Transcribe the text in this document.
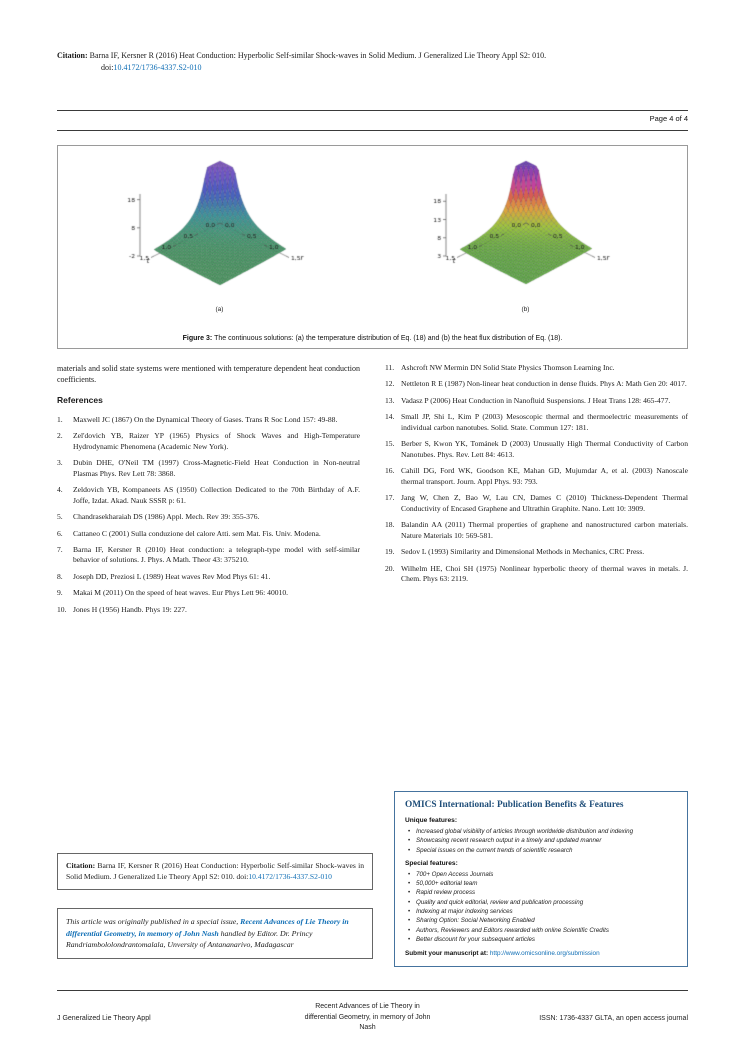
Citation: Barna IF, Kersner R (2016) Heat Conduction: Hyperbolic Self-similar Shock-waves in Solid Medium. J Generalized Lie Theory Appl S2: 010.
doi:10.4172/1736-4337.S2-010
Page 4 of 4
(a)	(b)
Figure 3: The continuous solutions: (a) the temperature distribution of Eq. (18) and (b) the heat flux distribution of Eq. (18).

materials and solid state systems were mentioned with temperature dependent heat conduction coefficients.

References
1.	Maxwell JC (1867) On the Dynamical Theory of Gases. Trans R Soc Lond 157: 49-88.
2.	Zel'dovich YB, Raizer YP (1965) Physics of Shock Waves and High-Temperature Hydrodynamic Phenomena (Academic New York).
3.	Dubin DHE, O'Neil TM (1997) Cross-Magnetic-Field Heat Conduction in Non-neutral Plasmas Phys. Rev Lett 78: 3868.
4.	Zeldovich YB, Kompaneets AS (1950) Collection Dedicated to the 70th Birthday of A.F. Joffe, Izdat. Akad. Nauk SSSR p: 61.
5.	Chandrasekharaiah DS (1986) Appl. Mech. Rev 39: 355-376.
6.	Cattaneo C (2001) Sulla conduzione del calore Atti. sem Mat. Fis. Univ. Modena.
7.	Barna IF, Kersner R (2010) Heat conduction: a telegraph-type model with self-similar behavior of solutions. J. Phys. A Math. Theor 43: 375210.
8.	Joseph DD, Preziosi L (1989) Heat waves Rev Mod Phys 61: 41.
9.	Makai M (2011) On the speed of heat waves. Eur Phys Lett 96: 40010.
10. Jones H (1956) Handb. Phys 19: 227.
11. Ashcroft NW Mermin DN Solid State Physics Thomson Learning Inc.
12. Nettleton R E (1987) Non-linear heat conduction in dense fluids. Phys A: Math Gen 20: 4017.
13. Vadasz P (2006) Heat Conduction in Nanofluid Suspensions. J Heat Trans 128: 465-477.
14. Small JP, Shi L, Kim P (2003) Mesoscopic thermal and thermoelectric measurements of individual carbon nanotubes. Solid. State. Commun 127: 181.
15. Berber S, Kwon YK, Tománek D (2003) Unusually High Thermal Conductivity of Carbon Nanotubes. Phys. Rev. Lett 84: 4613.
16. Cahill DG, Ford WK, Goodson KE, Mahan GD, Mujumdar A, et al. (2003) Nanoscale thermal transport. Journ. Appl Phys. 93: 793.
17. Jang W, Chen Z, Bao W, Lau CN, Dames C (2010) Thickness-Dependent Thermal Conductivity of Encased Graphene and Ultrathin Graphite. Nano. Lett 10: 3909.
18. Balandin AA (2011) Thermal properties of graphene and nanostructured carbon materials. Nature Materials 10: 569-581.
19. Sedov L (1993) Similarity and Dimensional Methods in Mechanics, CRC Press.
20. Wilhelm HE, Choi SH (1975) Nonlinear hyperbolic theory of thermal waves in metals. J. Chem. Phys 63: 2119.
Citation: Barna IF, Kersner R (2016) Heat Conduction: Hyperbolic Self-similar Shock-waves in Solid Medium. J Generalized Lie Theory Appl S2: 010. doi:10.4172/1736-4337.S2-010
This article was originally published in a special issue, Recent Advances of Lie Theory in differential Geometry, in memory of John Nash handled by Editor. Dr. Princy Randriambololondrantomalala, Unversity of Antananarivo, Madagascar
OMICS International: Publication Benefits & Features
Unique features:
• Increased global visibility of articles through worldwide distribution and indexing
• Showcasing recent research output in a timely and updated manner
• Special issues on the current trends of scientific research
Special features:
• 700+ Open Access Journals
• 50,000+ editorial team
• Rapid review process
• Quality and quick editorial, review and publication processing
• Indexing at major indexing services
• Sharing Option: Social Networking Enabled
• Authors, Reviewers and Editors rewarded with online Scientific Credits
• Better discount for your subsequent articles
Submit your manuscript at: http://www.omicsonline.org/submission
J Generalized Lie Theory Appl
Recent Advances of Lie Theory in differential Geometry, in memory of John Nash
ISSN: 1736-4337 GLTA, an open access journal
